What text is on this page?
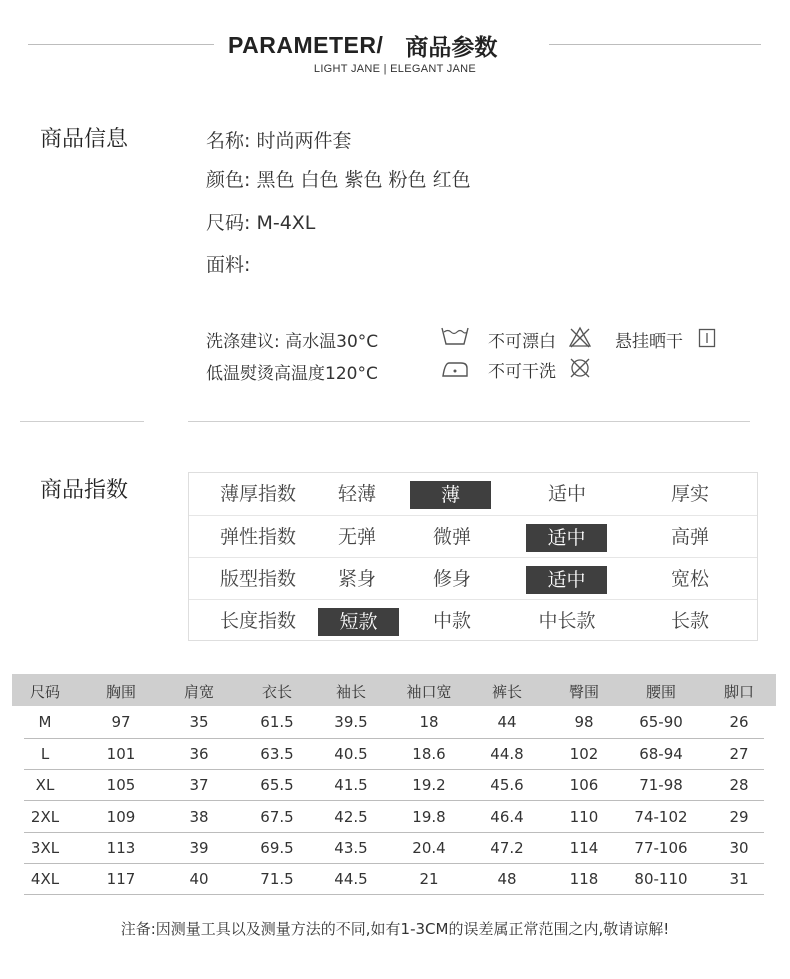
PARAMETER/ 商品参数
LIGHT JANE | ELEGANT JANE
商品信息	名称: 时尚两件套
颜色: 黑色 白色 紫色 粉色 红色
尺码: M-4XL
面料:
洗涤建议: 高水温30°C
低温熨烫高温度120°C
不可漂白
不可干洗
悬挂晒干
商品指数	薄厚指数	轻薄	薄	适中	厚实
弹性指数	无弹	微弹	适中	高弹
版型指数	紧身	修身	适中	宽松
长度指数	短款	中款	中长款	长款
尺码	胸围	肩宽	衣长	袖长	袖口宽	裤长	臀围	腰围	脚口
M	97	35	61.5	39.5	18	44	98	65-90	26
L	101	36	63.5	40.5	18.6	44.8	102	68-94	27
XL	105	37	65.5	41.5	19.2	45.6	106	71-98	28
2XL	109	38	67.5	42.5	19.8	46.4	110	74-102	29
3XL	113	39	69.5	43.5	20.4	47.2	114	77-106	30
4XL	117	40	71.5	44.5	21	48	118	80-110	31
注备:因测量工具以及测量方法的不同,如有1-3CM的误差属正常范围之内,敬请谅解!
